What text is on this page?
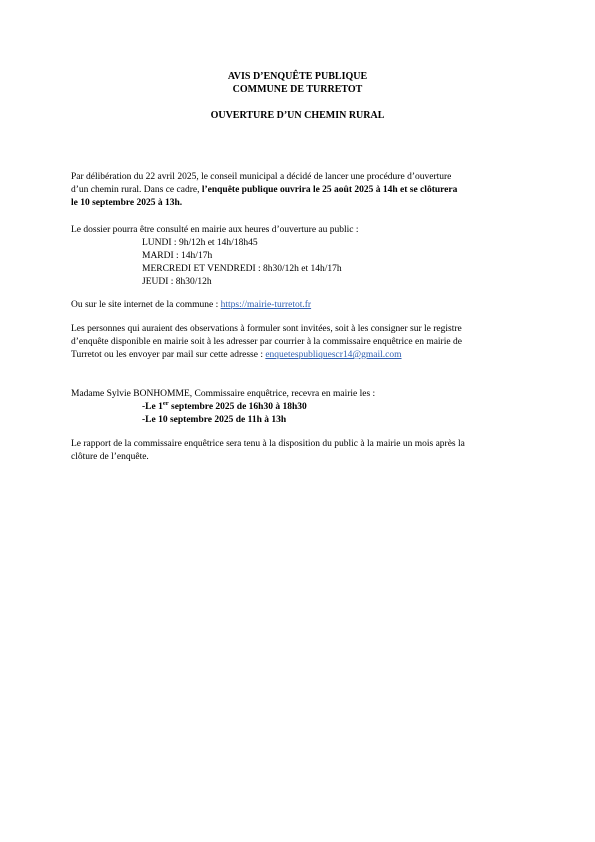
AVIS D’ENQUÊTE PUBLIQUE
COMMUNE DE TURRETOT
OUVERTURE D’UN CHEMIN RURAL
Par délibération du 22 avril 2025, le conseil municipal a décidé de lancer une procédure d’ouverture
d’un chemin rural. Dans ce cadre, l’enquête publique ouvrira le 25 août 2025 à 14h et se clôturera
le 10 septembre 2025 à 13h.
Le dossier pourra être consulté en mairie aux heures d’ouverture au public :
LUNDI : 9h/12h et 14h/18h45
MARDI : 14h/17h
MERCREDI ET VENDREDI : 8h30/12h et 14h/17h
JEUDI : 8h30/12h
Ou sur le site internet de la commune : https://mairie-turretot.fr
Les personnes qui auraient des observations à formuler sont invitées, soit à les consigner sur le registre
d’enquête disponible en mairie soit à les adresser par courrier à la commissaire enquêtrice en mairie de
Turretot ou les envoyer par mail sur cette adresse : enquetespubliquescr14@gmail.com
Madame Sylvie BONHOMME, Commissaire enquêtrice, recevra en mairie les :
-Le 1er septembre 2025 de 16h30 à 18h30
-Le 10 septembre 2025 de 11h à 13h
Le rapport de la commissaire enquêtrice sera tenu à la disposition du public à la mairie un mois après la
clôture de l’enquête.
